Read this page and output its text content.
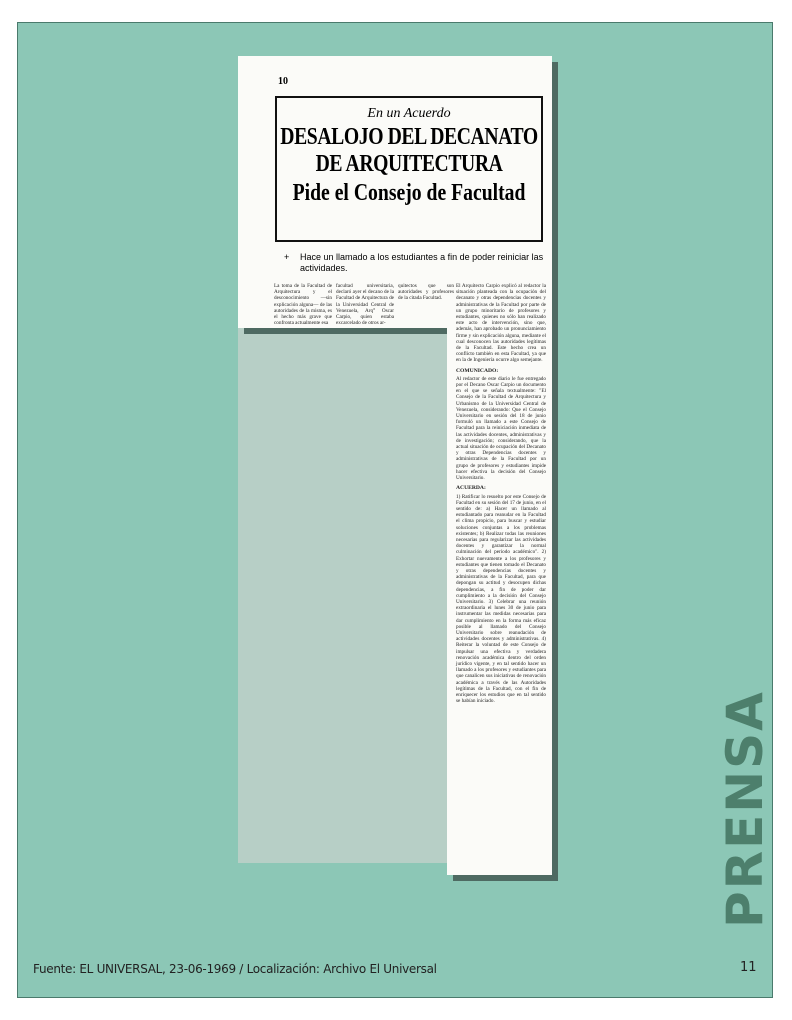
10
En un Acuerdo
DESALOJO DEL DECANATO
DE ARQUITECTURA
Pide el Consejo de Facultad
+ Hace un llamado a los estudiantes a fin de poder reiniciar las actividades.
La toma de la Facultad de Arquitectura y el desconocimiento —sin explicación alguna— de las autoridades de la misma, es el hecho más grave que confronta actualmente esa
facultad universitaria, declaró ayer el decano de la Facultad de Arquitectura de la Universidad Central de Venezuela, Arq° Oscar Carpio, quien estaba excarcelado de otros ar-
quitectos que son autoridades y profesores de la citada Facultad.
El Arquitecto Carpio explicó al redactor la situación planteada con la ocupación del decanato y otras dependencias docentes y administrativas de la Facultad por parte de un grupo minoritario de profesores y estudiantes, quienes no sólo han realizado este acto de intervención, sino que, además, han aprobado un pronunciamiento firme y sin explicación alguna, mediante el cual desconocen las autoridades legítimas de la Facultad. Este hecho crea un conflicto también en esta Facultad, ya que en la de Ingeniería ocurre algo semejante.
COMUNICADO:
Al redactor de este diario le fue entregado por el Decano Oscar Carpio un documento en el que se señala textualmente: "El Consejo de la Facultad de Arquitectura y Urbanismo de la Universidad Central de Venezuela, considerando: Que el Consejo Universitario en sesión del 18 de junio formuló un llamado a este Consejo de Facultad para la reiniciación inmediata de las actividades docentes, administrativas y de investigación; considerando, que la actual situación de ocupación del Decanato y otras Dependencias docentes y administrativas de la Facultad por un grupo de profesores y estudiantes impide hacer efectiva la decisión del Consejo Universitario.
ACUERDA:
1) Ratificar lo resuelto por este Consejo de Facultad en su sesión del 17 de junio, en el sentido de: a) Hacer un llamado al estudiantado para reanudar en la Facultad el clima propicio, para buscar y estudiar soluciones conjuntas a los problemas existentes; b) Realizar todas las reuniones necesarias para regularizar las actividades docentes y garantizar la normal culminación del periodo académico". 2) Exhortar nuevamente a los profesores y estudiantes que tienen tomado el Decanato y otras dependencias docentes y administrativas de la Facultad, para que depongan su actitud y desocupen dichas dependencias, a fin de poder dar cumplimiento a la decisión del Consejo Universitario. 3) Celebrar una reunión extraordinaria el lunes 30 de junio para instrumentar las medidas necesarias para dar cumplimiento en la forma más eficaz posible al llamado del Consejo Universitario sobre reanudación de actividades docentes y administrativas. 4) Reiterar la voluntad de este Consejo de impulsar una efectiva y verdadera renovación académica dentro del orden jurídico vigente, y en tal sentido hacer un llamado a los profesores y estudiantes para que canalicen sus iniciativas de renovación académica a través de las Autoridades legítimas de la Facultad, con el fin de enriquecer los estudios que en tal sentido se habían iniciado.	PRENSA
Fuente: EL UNIVERSAL, 23-06-1969 / Localización: Archivo El Universal	11
